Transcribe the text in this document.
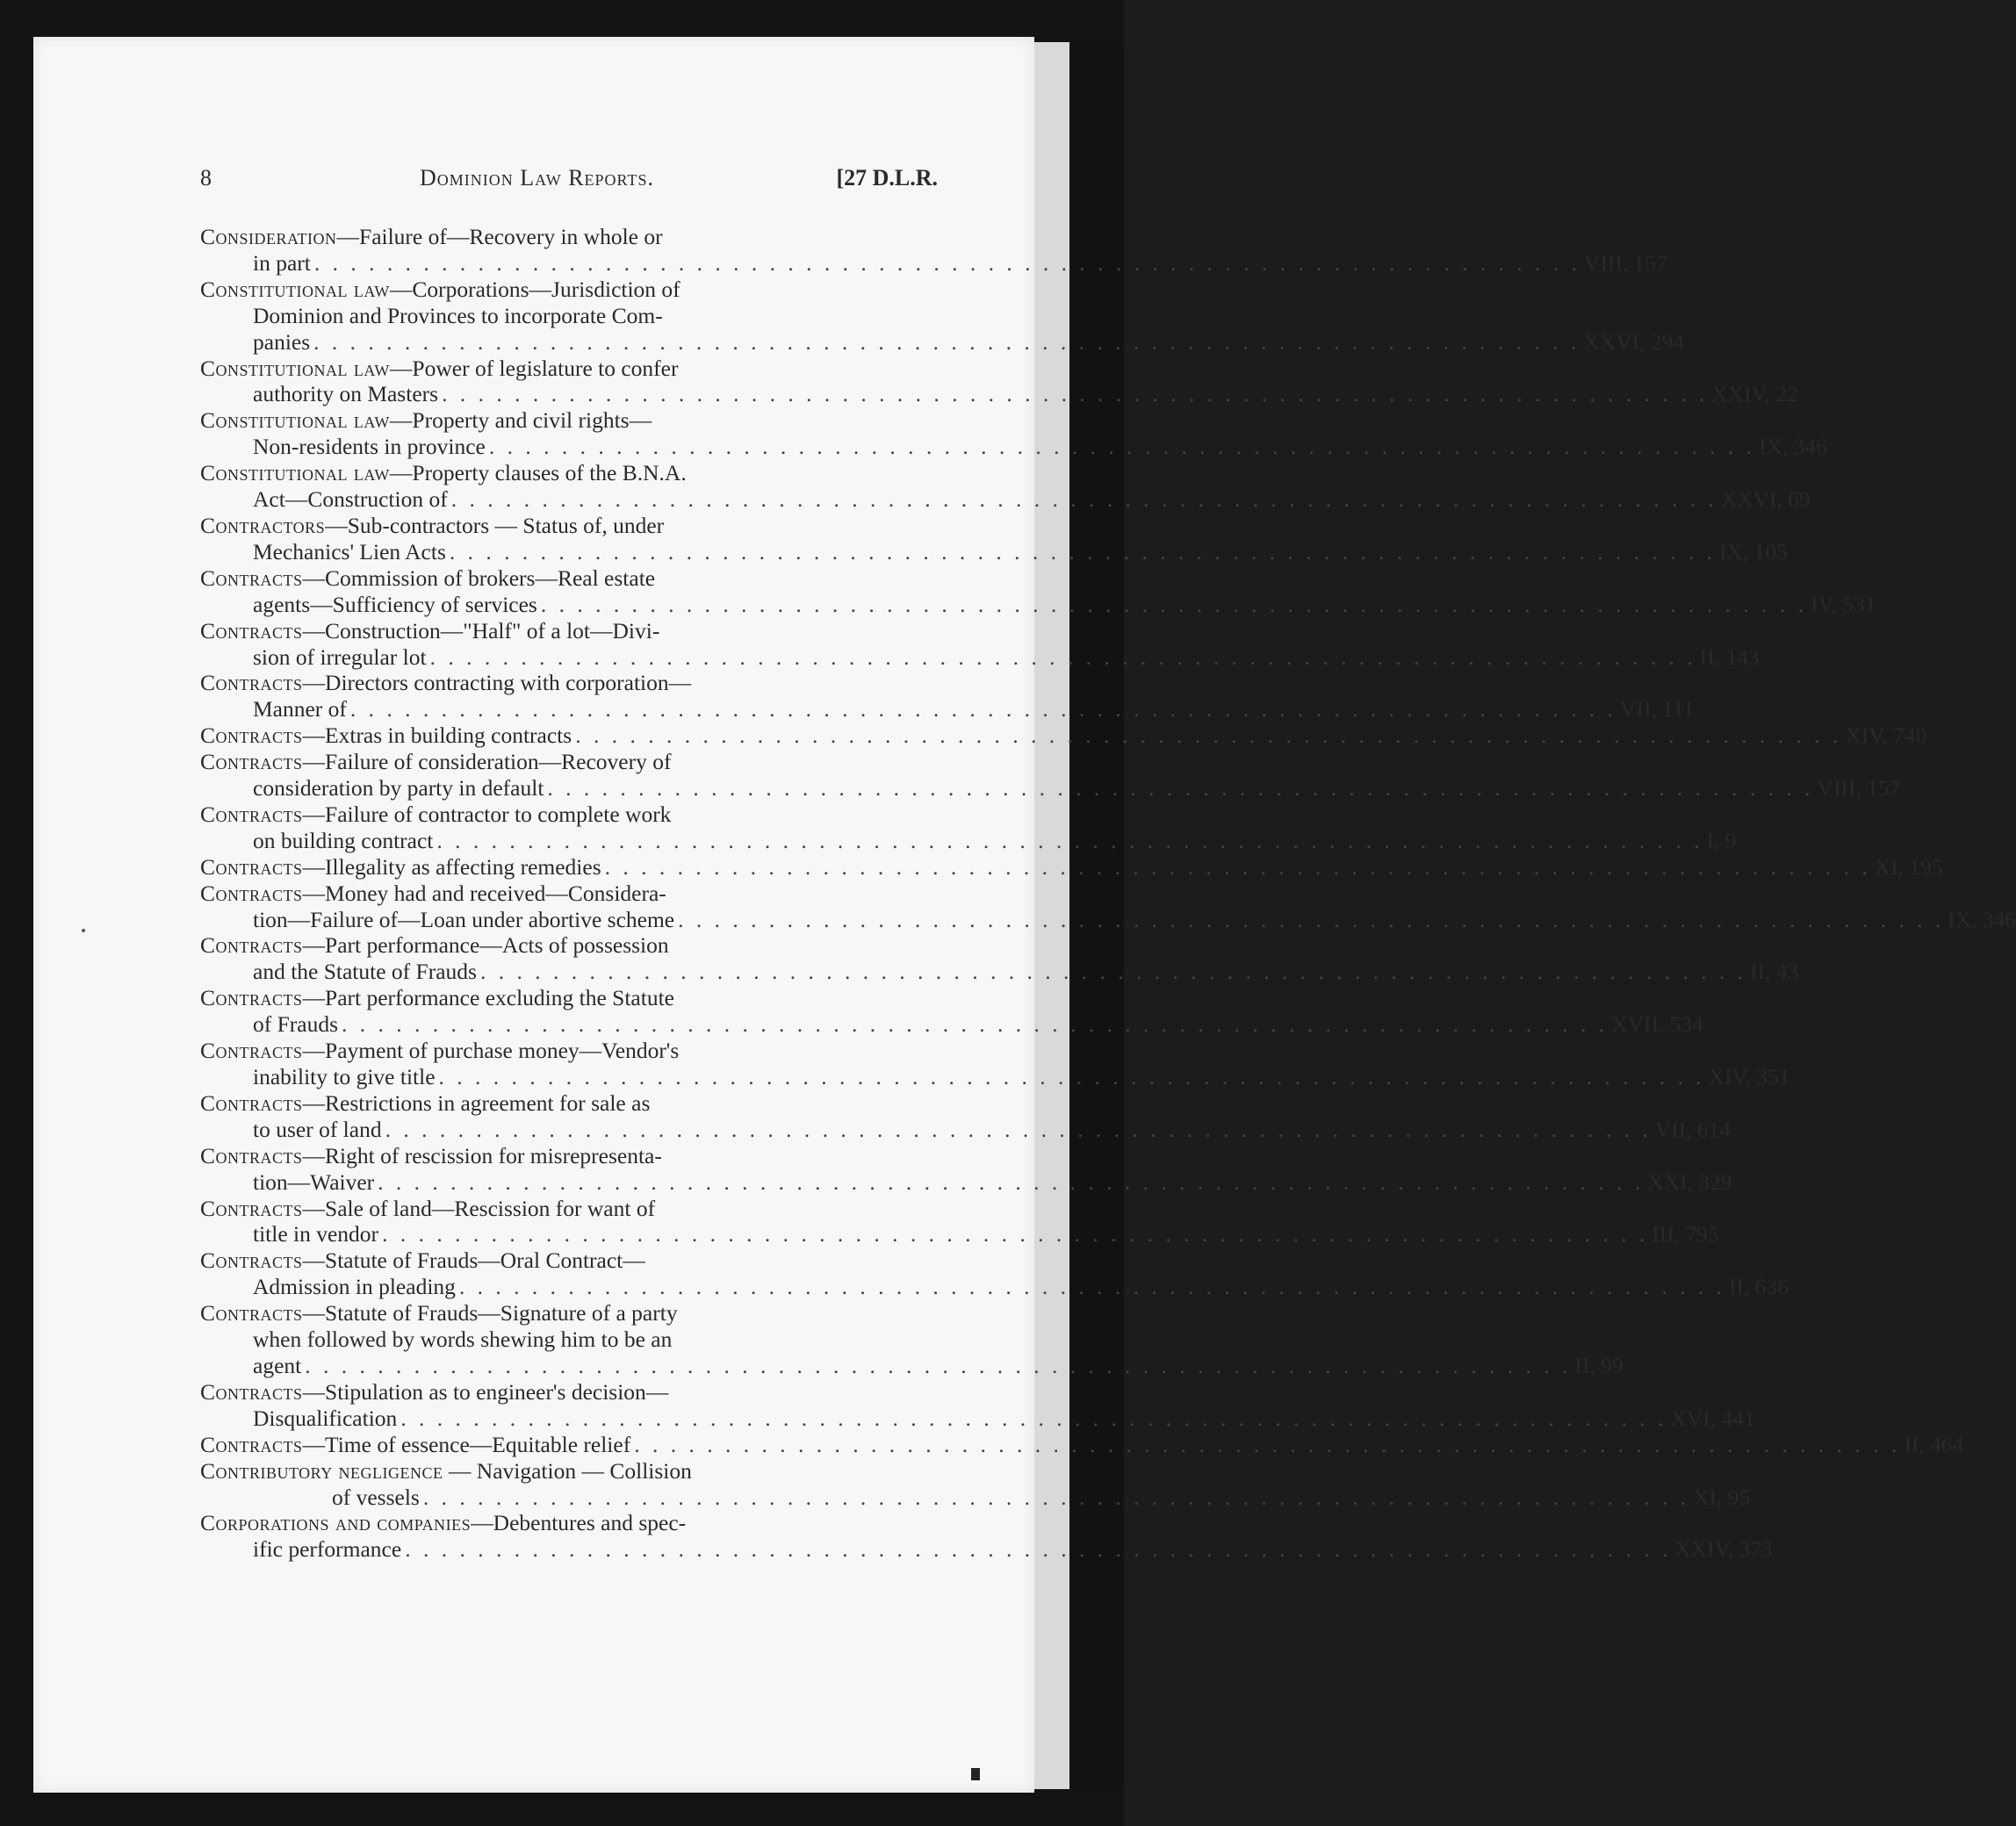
8	Dominion Law Reports.	[27 D.L.R.
Consideration—Failure of—Recovery in whole or
in part . . .	VIII, 157
Constitutional law—Corporations—Jurisdiction of
Dominion and Provinces to incorporate Com-
panies . . .	XXVI, 294
Constitutional law—Power of legislature to confer
authority on Masters . . .	XXIV, 22
Constitutional law—Property and civil rights—
Non-residents in province . . .	IX, 346
Constitutional law—Property clauses of the B.N.A.
Act—Construction of . . .	XXVI, 69
Contractors—Sub-contractors — Status of, under
Mechanics' Lien Acts . . .	IX, 105
Contracts—Commission of brokers—Real estate
agents—Sufficiency of services . . .	IV, 531
Contracts—Construction—"Half" of a lot—Divi-
sion of irregular lot . . .	II, 143
Contracts—Directors contracting with corporation—
Manner of . . .	VII, 111
Contracts—Extras in building contracts . . .	XIV, 740
Contracts—Failure of consideration—Recovery of
consideration by party in default . . .	VIII, 157
Contracts—Failure of contractor to complete work
on building contract . . .	I, 9
Contracts—Illegality as affecting remedies . . .	XI, 195
Contracts—Money had and received—Considera-
tion—Failure of—Loan under abortive scheme . . .	IX, 346
Contracts—Part performance—Acts of possession
and the Statute of Frauds . . .	II, 43
Contracts—Part performance excluding the Statute
of Frauds . . .	XVII, 534
Contracts—Payment of purchase money—Vendor's
inability to give title . . .	XIV, 351
Contracts—Restrictions in agreement for sale as
to user of land . . .	VII, 614
Contracts—Right of rescission for misrepresenta-
tion—Waiver . . .	XXI, 329
Contracts—Sale of land—Rescission for want of
title in vendor . . .	III, 795
Contracts—Statute of Frauds—Oral Contract—
Admission in pleading . . .	II, 636
Contracts—Statute of Frauds—Signature of a party
when followed by words shewing him to be an
agent . . .	II, 99
Contracts—Stipulation as to engineer's decision—
Disqualification . . .	XVI, 441
Contracts—Time of essence—Equitable relief . . .	II, 464
Contributory negligence — Navigation — Collision
of vessels . . .	XI, 95
Corporations and companies—Debentures and spec-
ific performance . . .	XXIV, 373
